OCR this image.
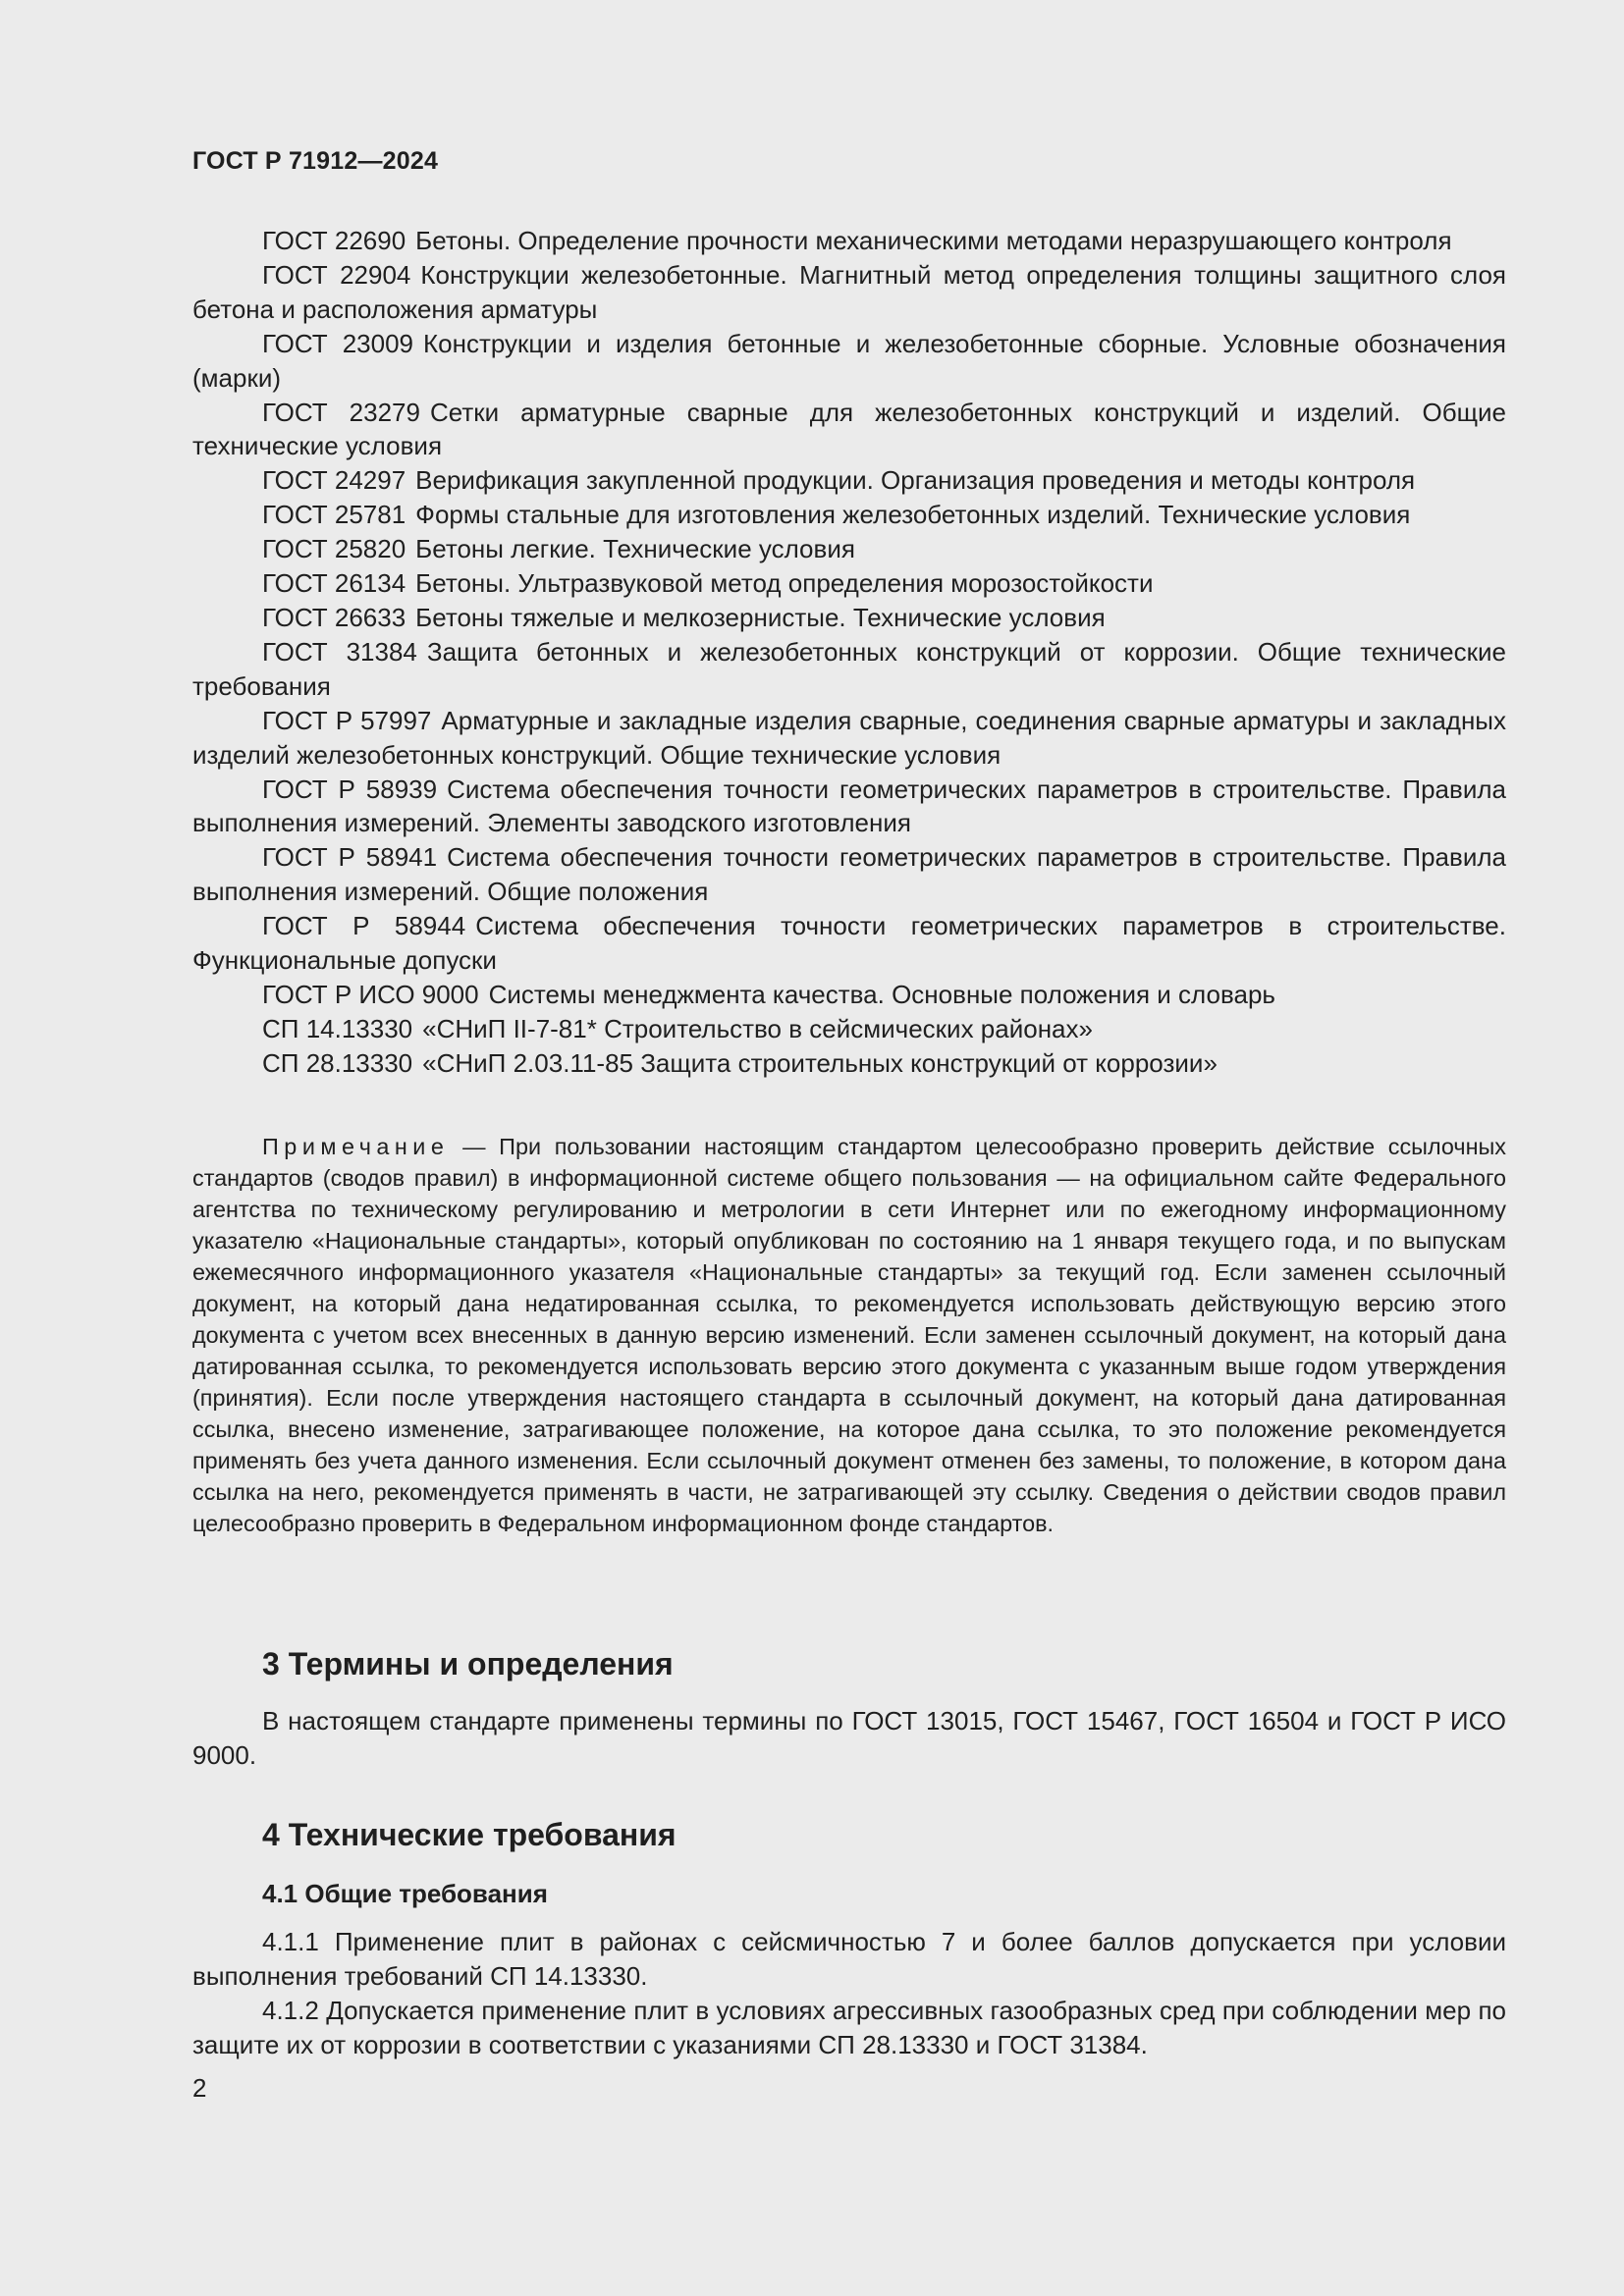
ГОСТ Р 71912—2024

ГОСТ 22690 Бетоны. Определение прочности механическими методами неразрушающего контроля

ГОСТ 22904 Конструкции железобетонные. Магнитный метод определения толщины защитного слоя бетона и расположения арматуры

ГОСТ 23009 Конструкции и изделия бетонные и железобетонные сборные. Условные обозначения (марки)

ГОСТ 23279 Сетки арматурные сварные для железобетонных конструкций и изделий. Общие технические условия

ГОСТ 24297 Верификация закупленной продукции. Организация проведения и методы контроля

ГОСТ 25781 Формы стальные для изготовления железобетонных изделий. Технические условия

ГОСТ 25820 Бетоны легкие. Технические условия

ГОСТ 26134 Бетоны. Ультразвуковой метод определения морозостойкости

ГОСТ 26633 Бетоны тяжелые и мелкозернистые. Технические условия

ГОСТ 31384 Защита бетонных и железобетонных конструкций от коррозии. Общие технические требования

ГОСТ Р 57997 Арматурные и закладные изделия сварные, соединения сварные арматуры и закладных изделий железобетонных конструкций. Общие технические условия

ГОСТ Р 58939 Система обеспечения точности геометрических параметров в строительстве. Правила выполнения измерений. Элементы заводского изготовления

ГОСТ Р 58941 Система обеспечения точности геометрических параметров в строительстве. Правила выполнения измерений. Общие положения

ГОСТ Р 58944 Система обеспечения точности геометрических параметров в строительстве. Функциональные допуски

ГОСТ Р ИСО 9000 Системы менеджмента качества. Основные положения и словарь

СП 14.13330 «СНиП II-7-81* Строительство в сейсмических районах»

СП 28.13330 «СНиП 2.03.11-85 Защита строительных конструкций от коррозии»

Примечание — При пользовании настоящим стандартом целесообразно проверить действие ссылочных стандартов (сводов правил) в информационной системе общего пользования — на официальном сайте Федерального агентства по техническому регулированию и метрологии в сети Интернет или по ежегодному информационному указателю «Национальные стандарты», который опубликован по состоянию на 1 января текущего года, и по выпускам ежемесячного информационного указателя «Национальные стандарты» за текущий год. Если заменен ссылочный документ, на который дана недатированная ссылка, то рекомендуется использовать действующую версию этого документа с учетом всех внесенных в данную версию изменений. Если заменен ссылочный документ, на который дана датированная ссылка, то рекомендуется использовать версию этого документа с указанным выше годом утверждения (принятия). Если после утверждения настоящего стандарта в ссылочный документ, на который дана датированная ссылка, внесено изменение, затрагивающее положение, на которое дана ссылка, то это положение рекомендуется применять без учета данного изменения. Если ссылочный документ отменен без замены, то положение, в котором дана ссылка на него, рекомендуется применять в части, не затрагивающей эту ссылку. Сведения о действии сводов правил целесообразно проверить в Федеральном информационном фонде стандартов.

3 Термины и определения

В настоящем стандарте применены термины по ГОСТ 13015, ГОСТ 15467, ГОСТ 16504 и ГОСТ Р ИСО 9000.

4 Технические требования
4.1 Общие требования

4.1.1 Применение плит в районах с сейсмичностью 7 и более баллов допускается при условии выполнения требований СП 14.13330.

4.1.2 Допускается применение плит в условиях агрессивных газообразных сред при соблюдении мер по защите их от коррозии в соответствии с указаниями СП 28.13330 и ГОСТ 31384.

2
